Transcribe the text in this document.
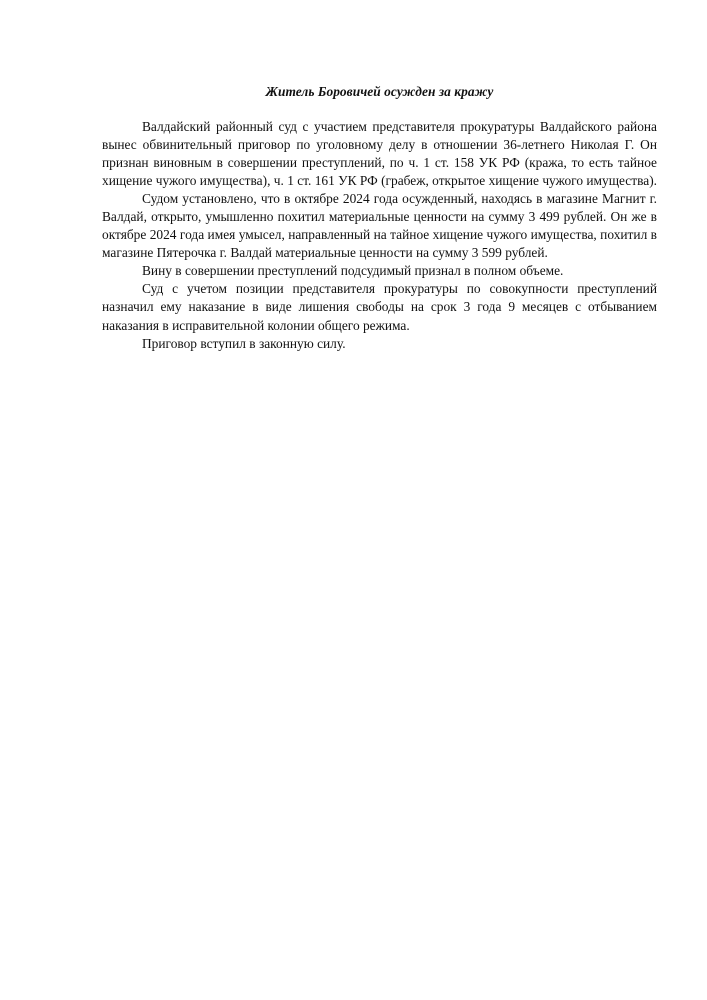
Житель Боровичей осужден за кражу

Валдайский районный суд с участием представителя прокуратуры Валдайского района вынес обвинительный приговор по уголовному делу в отношении 36-летнего Николая Г. Он признан виновным в совершении преступлений, по ч. 1 ст. 158 УК РФ (кража, то есть тайное хищение чужого имущества), ч. 1 ст. 161 УК РФ (грабеж, открытое хищение чужого имущества).

Судом установлено, что в октябре 2024 года осужденный, находясь в магазине Магнит г. Валдай, открыто, умышленно похитил материальные ценности на сумму 3 499 рублей. Он же в октябре 2024 года имея умысел, направленный на тайное хищение чужого имущества, похитил в магазине Пятерочка г. Валдай материальные ценности на сумму 3 599 рублей.

Вину в совершении преступлений подсудимый признал в полном объеме.

Суд с учетом позиции представителя прокуратуры по совокупности преступлений назначил ему наказание в виде лишения свободы на срок 3 года 9 месяцев с отбыванием наказания в исправительной колонии общего режима.

Приговор вступил в законную силу.
